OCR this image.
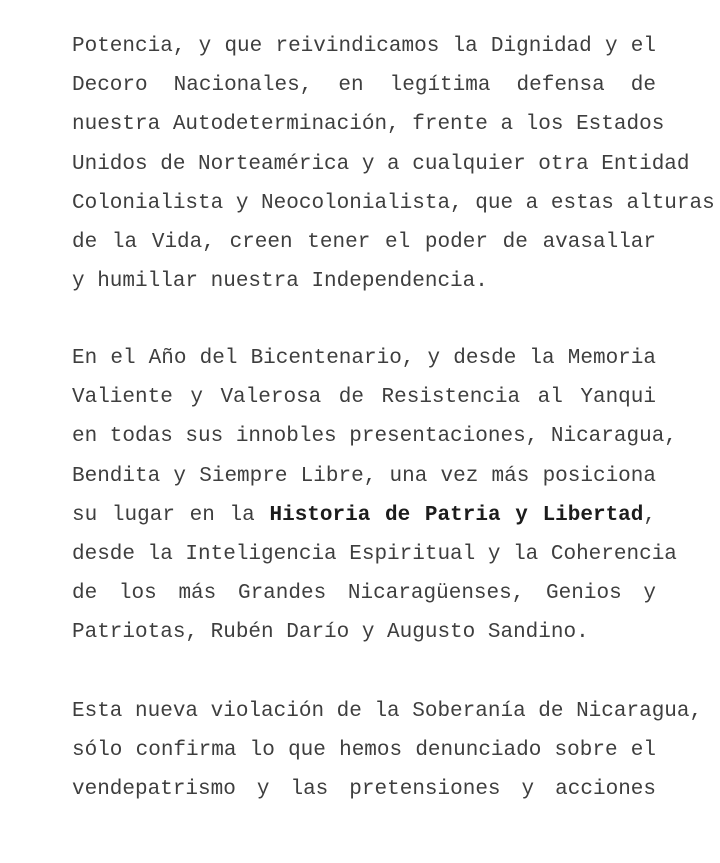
Potencia, y que reivindicamos la Dignidad y el
Decoro Nacionales, en legítima defensa de
nuestra Autodeterminación, frente a los Estados
Unidos de Norteamérica y a cualquier otra Entidad
Colonialista y Neocolonialista, que a estas alturas
de la Vida, creen tener el poder de avasallar
y humillar nuestra Independencia.
En el Año del Bicentenario, y desde la Memoria
Valiente y Valerosa de Resistencia al Yanqui
en todas sus innobles presentaciones, Nicaragua,
Bendita y Siempre Libre, una vez más posiciona
su lugar en la Historia de Patria y Libertad,
desde la Inteligencia Espiritual y la Coherencia
de los más Grandes Nicaragüenses, Genios y
Patriotas, Rubén Darío y Augusto Sandino.
Esta nueva violación de la Soberanía de Nicaragua,
sólo confirma lo que hemos denunciado sobre el
vendepatrismo y las pretensiones y acciones
